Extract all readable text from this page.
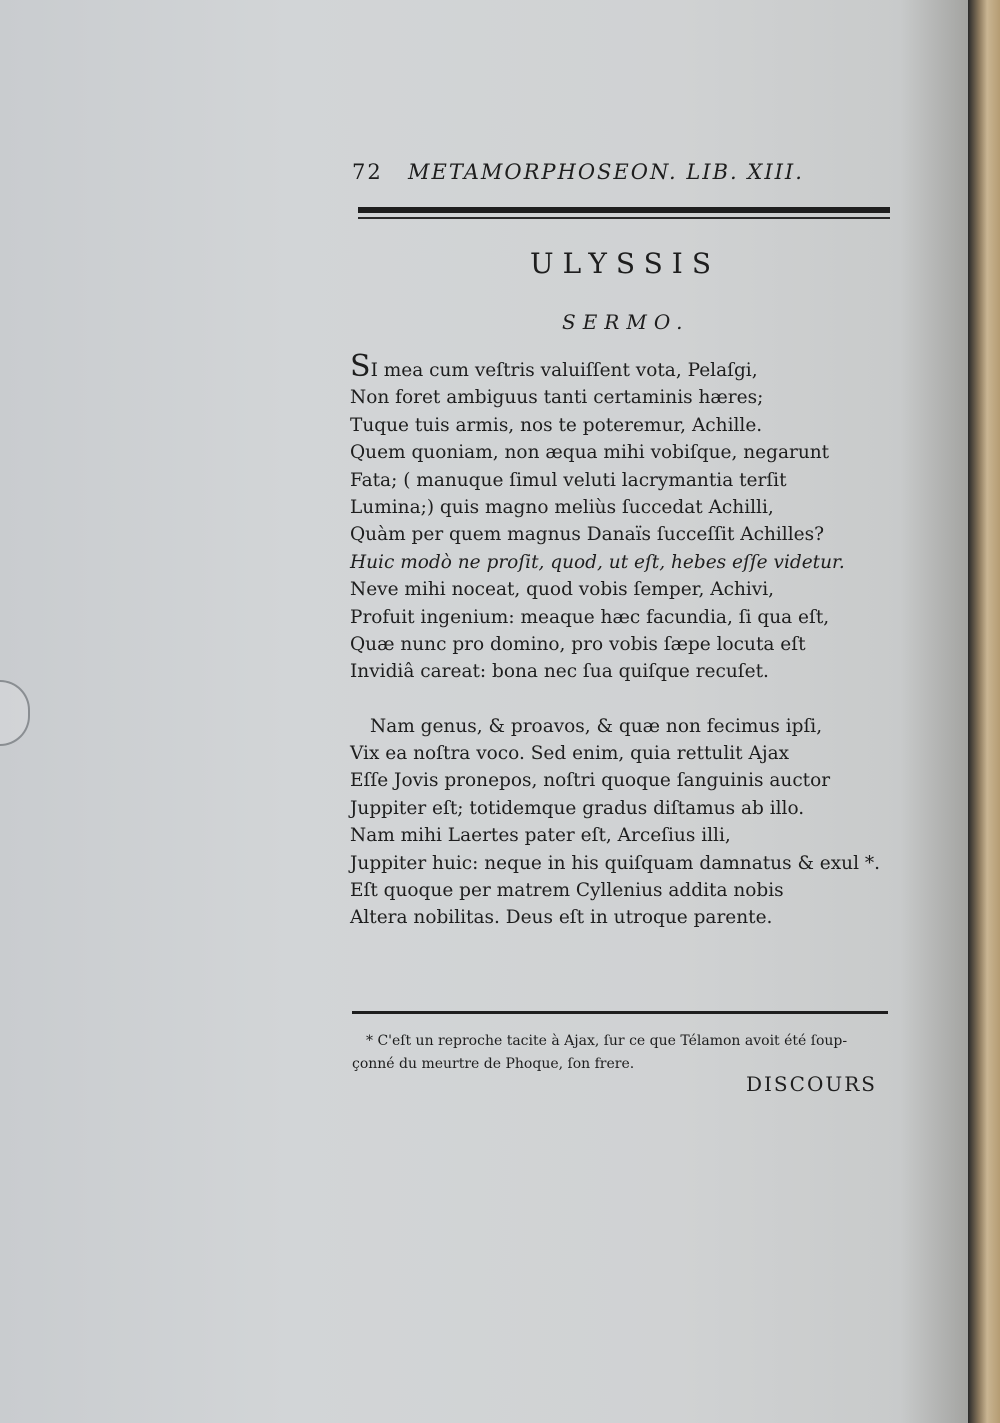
72 METAMORPHOSEON. LIB. XIII.
ULYSSIS
SERMO.
SI mea cum veſtris valuiſſent vota, Pelaſgi,
Non foret ambiguus tanti certaminis hæres;
Tuque tuis armis, nos te poteremur, Achille.
Quem quoniam, non æqua mihi vobiſque, negarunt
Fata; ( manuque ſimul veluti lacrymantia terſit
Lumina;) quis magno meliùs ſuccedat Achilli,
Quàm per quem magnus Danaïs ſucceſſit Achilles?
Huic modò ne proſit, quod, ut eſt, hebes eſſe videtur.
Neve mihi noceat, quod vobis ſemper, Achivi,
Profuit ingenium: meaque hæc facundia, ſi qua eſt,
Quæ nunc pro domino, pro vobis ſæpe locuta eſt
Invidiâ careat: bona nec ſua quiſque recuſet.
Nam genus, & proavos, & quæ non fecimus ipſi,
Vix ea noſtra voco. Sed enim, quia rettulit Ajax
Eſſe Jovis pronepos, noſtri quoque ſanguinis auctor
Juppiter eſt; totidemque gradus diſtamus ab illo.
Nam mihi Laertes pater eſt, Arceſius illi,
Juppiter huic: neque in his quiſquam damnatus & exul *.
Eſt quoque per matrem Cyllenius addita nobis
Altera nobilitas. Deus eſt in utroque parente.
* C'eſt un reproche tacite à Ajax, ſur ce que Télamon avoit été ſoup-
çonné du meurtre de Phoque, ſon frere.
DISCOURS
